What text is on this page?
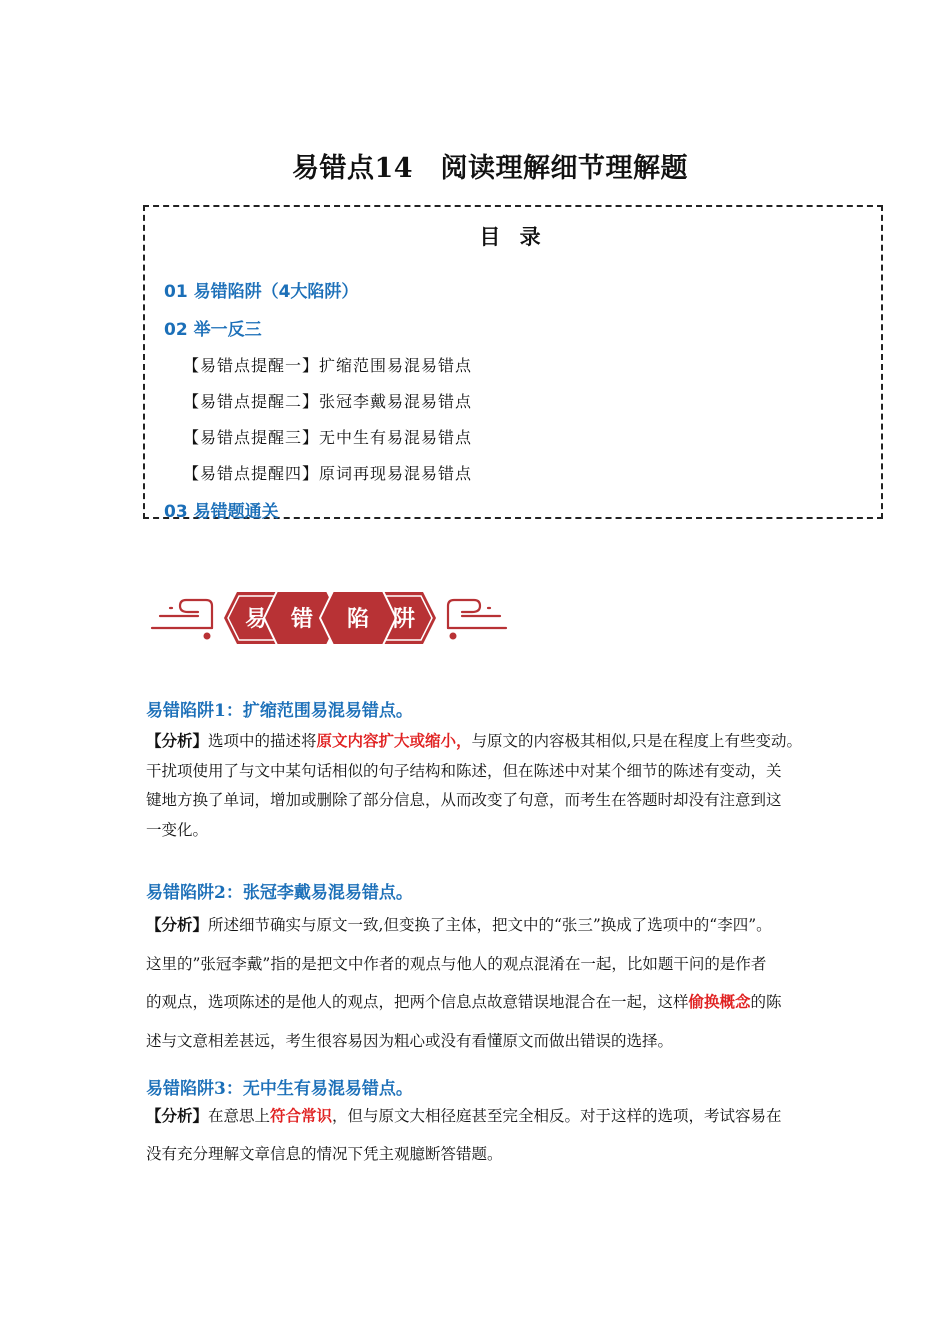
易错点14　阅读理解细节理解题
目 录
01 易错陷阱（4大陷阱）
02 举一反三
【易错点提醒一】扩缩范围易混易错点
【易错点提醒二】张冠李戴易混易错点
【易错点提醒三】无中生有易混易错点
【易错点提醒四】原词再现易混易错点
03 易错题通关
易 错 陷 阱
易错陷阱1：扩缩范围易混易错点。
【分析】选项中的描述将原文内容扩大或缩小，与原文的内容极其相似,只是在程度上有些变动。
干扰项使用了与文中某句话相似的句子结构和陈述，但在陈述中对某个细节的陈述有变动，关
键地方换了单词，增加或删除了部分信息，从而改变了句意，而考生在答题时却没有注意到这
一变化。
易错陷阱2：张冠李戴易混易错点。
【分析】所述细节确实与原文一致,但变换了主体，把文中的“张三”换成了选项中的“李四”。
这里的”张冠李戴”指的是把文中作者的观点与他人的观点混淆在一起，比如题干问的是作者
的观点，选项陈述的是他人的观点，把两个信息点故意错误地混合在一起，这样偷换概念的陈
述与文意相差甚远，考生很容易因为粗心或没有看懂原文而做出错误的选择。
易错陷阱3：无中生有易混易错点。
【分析】在意思上符合常识，但与原文大相径庭甚至完全相反。对于这样的选项，考试容易在
没有充分理解文章信息的情况下凭主观臆断答错题。
